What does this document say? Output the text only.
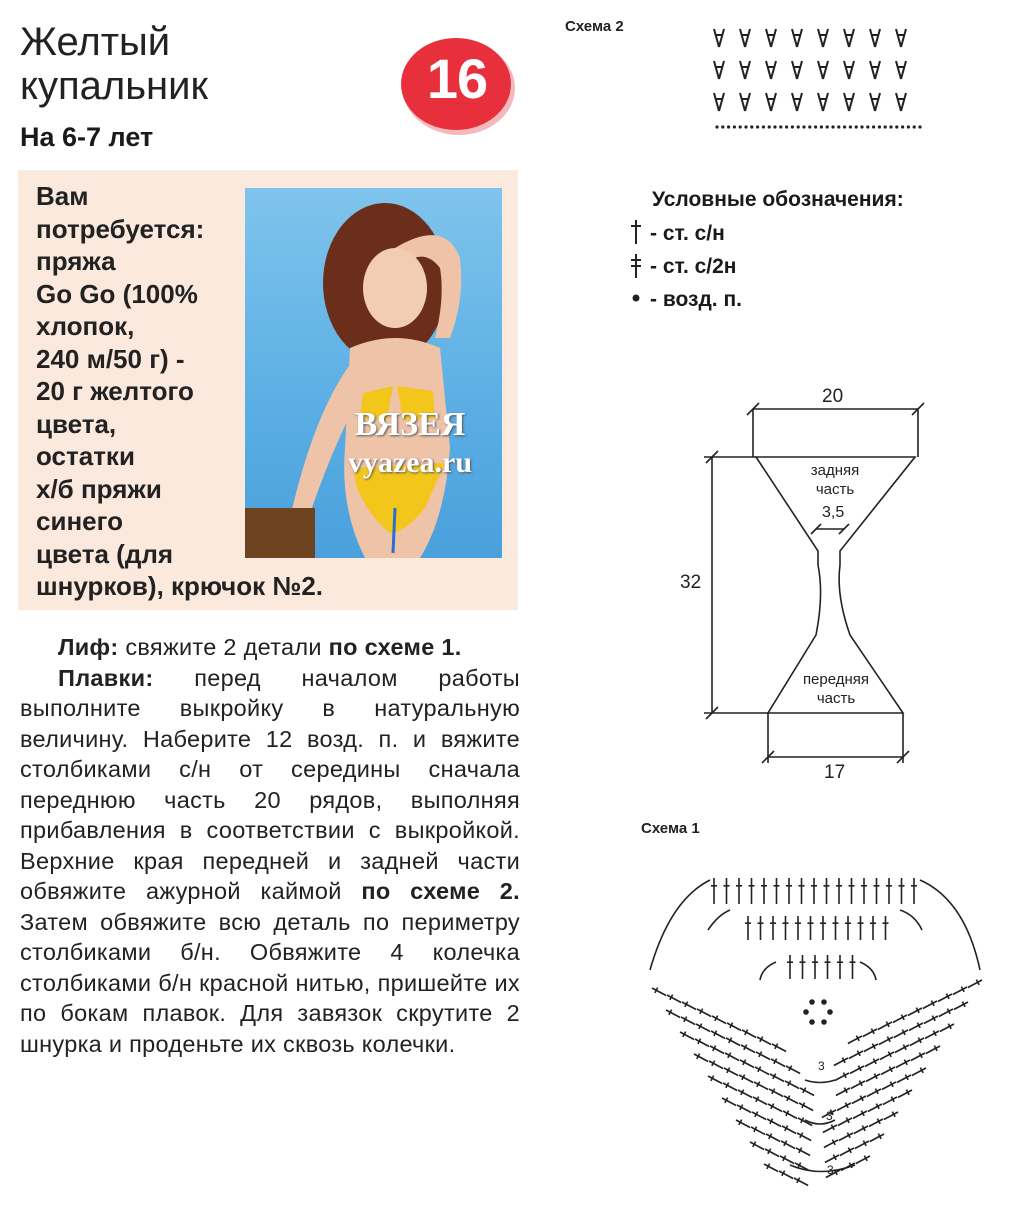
Желтый
купальник
На 6-7 лет
16
ВЯЗЕЯ
vyazea.ru
Вам
потребуется:
пряжа
Go Go (100%
хлопок,
240 м/50 г) -
20 г желтого
цвета,
остатки
х/б пряжи
синего
цвета (для
шнурков), крючок №2.

Лиф: свяжите 2 детали по схеме 1.

Плавки: перед началом работы выполните выкройку в натуральную величину. Наберите 12 возд. п. и вяжите столбиками с/н от середины сначала переднюю часть 20 рядов, выполняя прибавления в соответствии с выкройкой. Верхние края передней и задней части обвяжите ажурной каймой по схеме 2. Затем обвяжите всю деталь по периметру столбиками б/н. Обвяжите 4 колечка столбиками б/н красной нитью, пришейте их по бокам плавок. Для завязок скрутите 2 шнурка и проденьте их сквозь колечки.

Схема 2
Условные обозначения:
- ст. с/н
- ст. с/2н
- возд. п.
20
32
3,5
17
задняя
часть
передняя
часть
Схема 1
3
3
3
